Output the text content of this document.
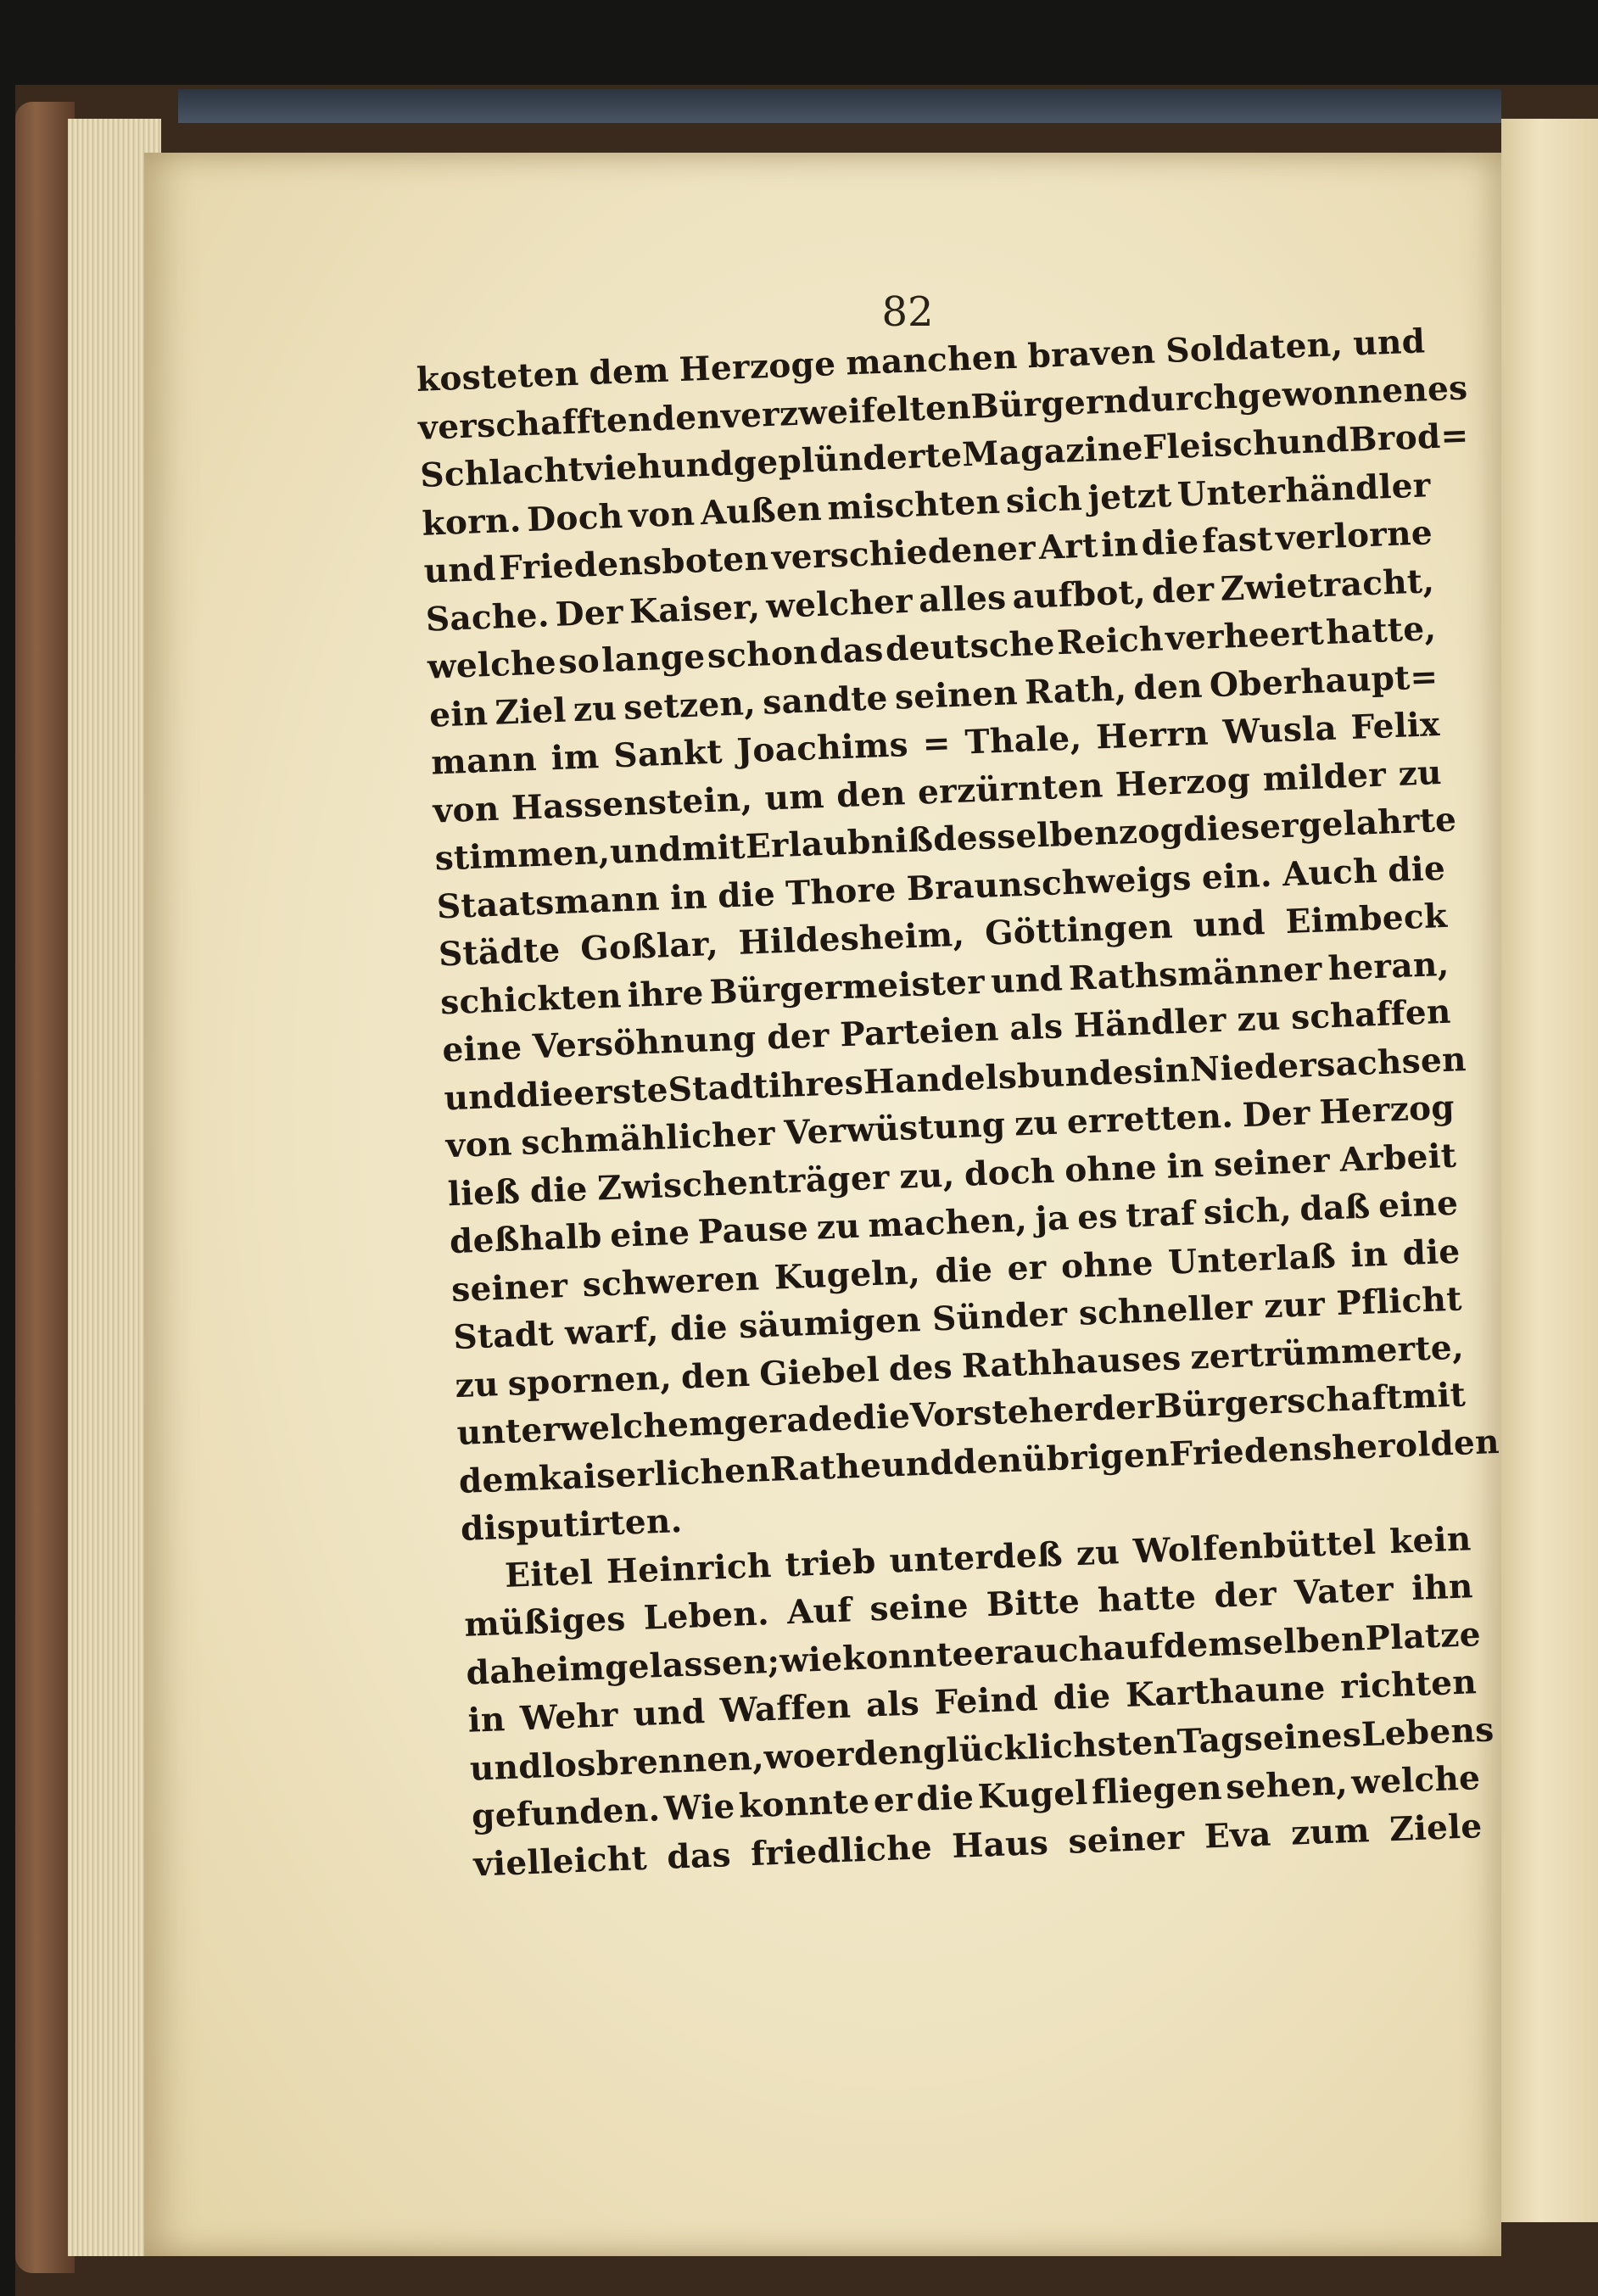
82
kosteten dem Herzoge manchen braven Soldaten, und
verschafften
den
verzweifelten
Bürgern
durch
gewonnenes
Schlachtvieh
und
geplünderte
Magazine
Fleisch
und
Brod=
korn. Doch von Außen mischten sich jetzt Unterhändler
und Friedensboten verschiedener Art in die fast verlorne
Sache. Der Kaiser, welcher alles aufbot, der Zwietracht,
welche so lange schon das deutsche Reich verheert hatte,
ein Ziel zu setzen, sandte seinen Rath, den Oberhaupt=
mann im Sankt Joachims = Thale, Herrn Wusla Felix
von Hassenstein, um den erzürnten Herzog milder zu
stimmen,
und
mit
Erlaubniß
desselben
zog
dieser
gelahrte
Staatsmann in die Thore Braunschweigs ein. Auch die
Städte Goßlar, Hildesheim, Göttingen und Eimbeck
schickten ihre Bürgermeister und Rathsmänner heran,
eine Versöhnung der Parteien als Händler zu schaffen
und
die
erste
Stadt
ihres
Handelsbundes
in
Niedersachsen
von schmählicher Verwüstung zu erretten. Der Herzog
ließ die Zwischenträger zu, doch ohne in seiner Arbeit
deßhalb eine Pause zu machen, ja es traf sich, daß eine
seiner schweren Kugeln, die er ohne Unterlaß in die
Stadt warf, die säumigen Sünder schneller zur Pflicht
zu spornen, den Giebel des Rathhauses zertrümmerte,
unter
welchem
gerade
die
Vorsteher
der
Bürgerschaft
mit
dem
kaiserlichen
Rathe
und
den
übrigen
Friedensherolden
disputirten.
Eitel Heinrich trieb unterdeß zu Wolfenbüttel kein
müßiges Leben. Auf seine Bitte hatte der Vater ihn
daheim
gelassen;
wie
konnte
er
auch
auf
demselben
Platze
in Wehr und Waffen als Feind die Karthaune richten
und
losbrennen,
wo
er
den
glücklichsten
Tag
seines
Lebens
gefunden. Wie konnte er die Kugel fliegen sehen, welche
vielleicht das friedliche Haus seiner Eva zum Ziele
